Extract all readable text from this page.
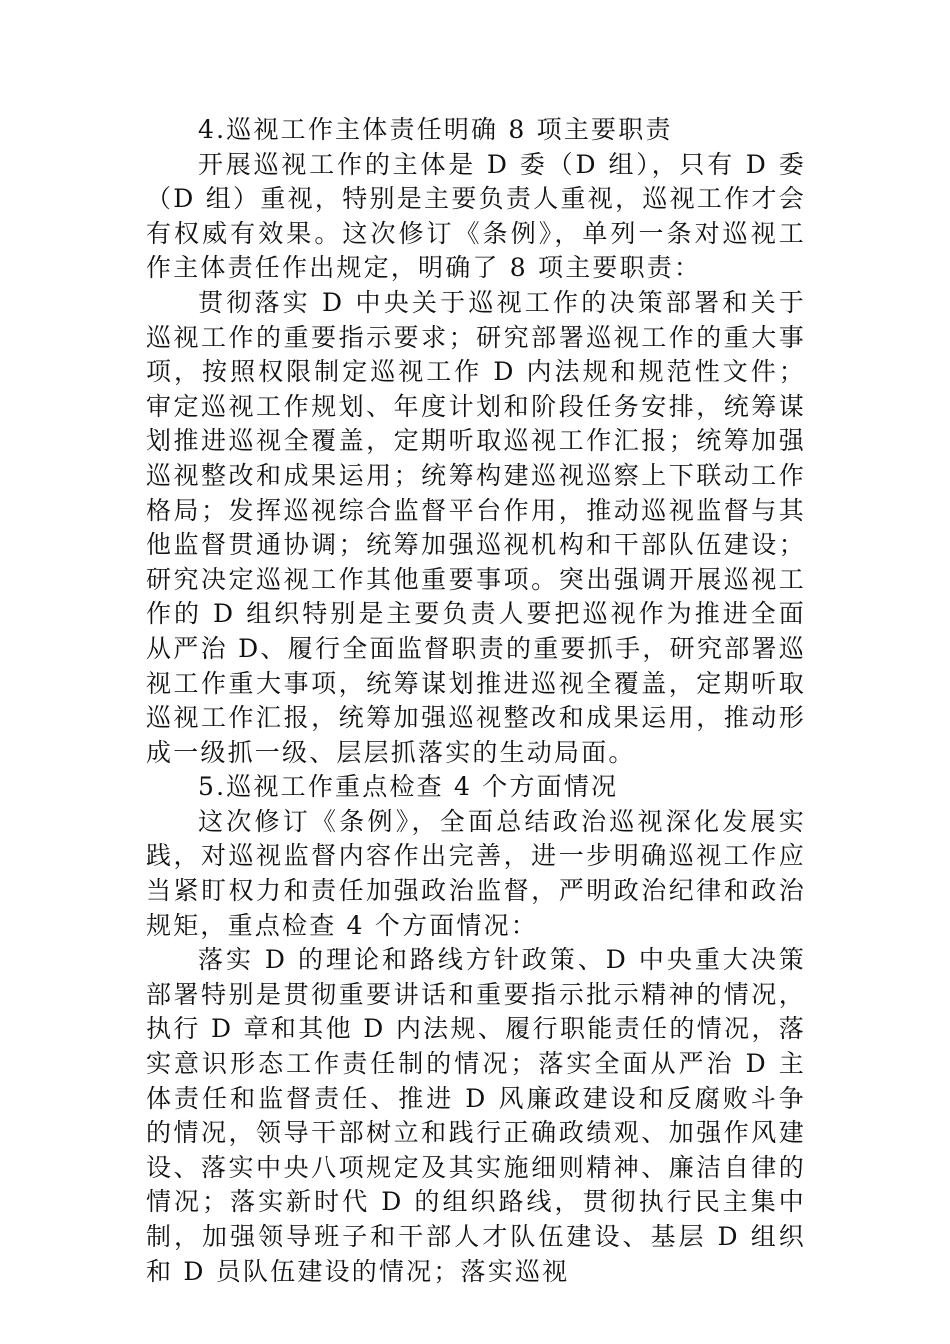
4.巡视工作主体责任明确 8 项主要职责

开展巡视工作的主体是 D 委（D 组），只有 D 委（D 组）重视，特别是主要负责人重视，巡视工作才会有权威有效果。这次修订《条例》，单列一条对巡视工作主体责任作出规定，明确了 8 项主要职责：

贯彻落实 D 中央关于巡视工作的决策部署和关于巡视工作的重要指示要求；研究部署巡视工作的重大事项，按照权限制定巡视工作 D 内法规和规范性文件；审定巡视工作规划、年度计划和阶段任务安排，统筹谋划推进巡视全覆盖，定期听取巡视工作汇报；统筹加强巡视整改和成果运用；统筹构建巡视巡察上下联动工作格局；发挥巡视综合监督平台作用，推动巡视监督与其他监督贯通协调；统筹加强巡视机构和干部队伍建设；研究决定巡视工作其他重要事项。突出强调开展巡视工作的 D 组织特别是主要负责人要把巡视作为推进全面从严治 D、履行全面监督职责的重要抓手，研究部署巡视工作重大事项，统筹谋划推进巡视全覆盖，定期听取巡视工作汇报，统筹加强巡视整改和成果运用，推动形成一级抓一级、层层抓落实的生动局面。

5.巡视工作重点检查 4 个方面情况

这次修订《条例》，全面总结政治巡视深化发展实践，对巡视监督内容作出完善，进一步明确巡视工作应当紧盯权力和责任加强政治监督，严明政治纪律和政治规矩，重点检查 4 个方面情况：

落实 D 的理论和路线方针政策、D 中央重大决策部署特别是贯彻重要讲话和重要指示批示精神的情况，执行 D 章和其他 D 内法规、履行职能责任的情况，落实意识形态工作责任制的情况；落实全面从严治 D 主体责任和监督责任、推进 D 风廉政建设和反腐败斗争的情况，领导干部树立和践行正确政绩观、加强作风建设、落实中央八项规定及其实施细则精神、廉洁自律的情况；落实新时代 D 的组织路线，贯彻执行民主集中制，加强领导班子和干部人才队伍建设、基层 D 组织和 D 员队伍建设的情况；落实巡视
